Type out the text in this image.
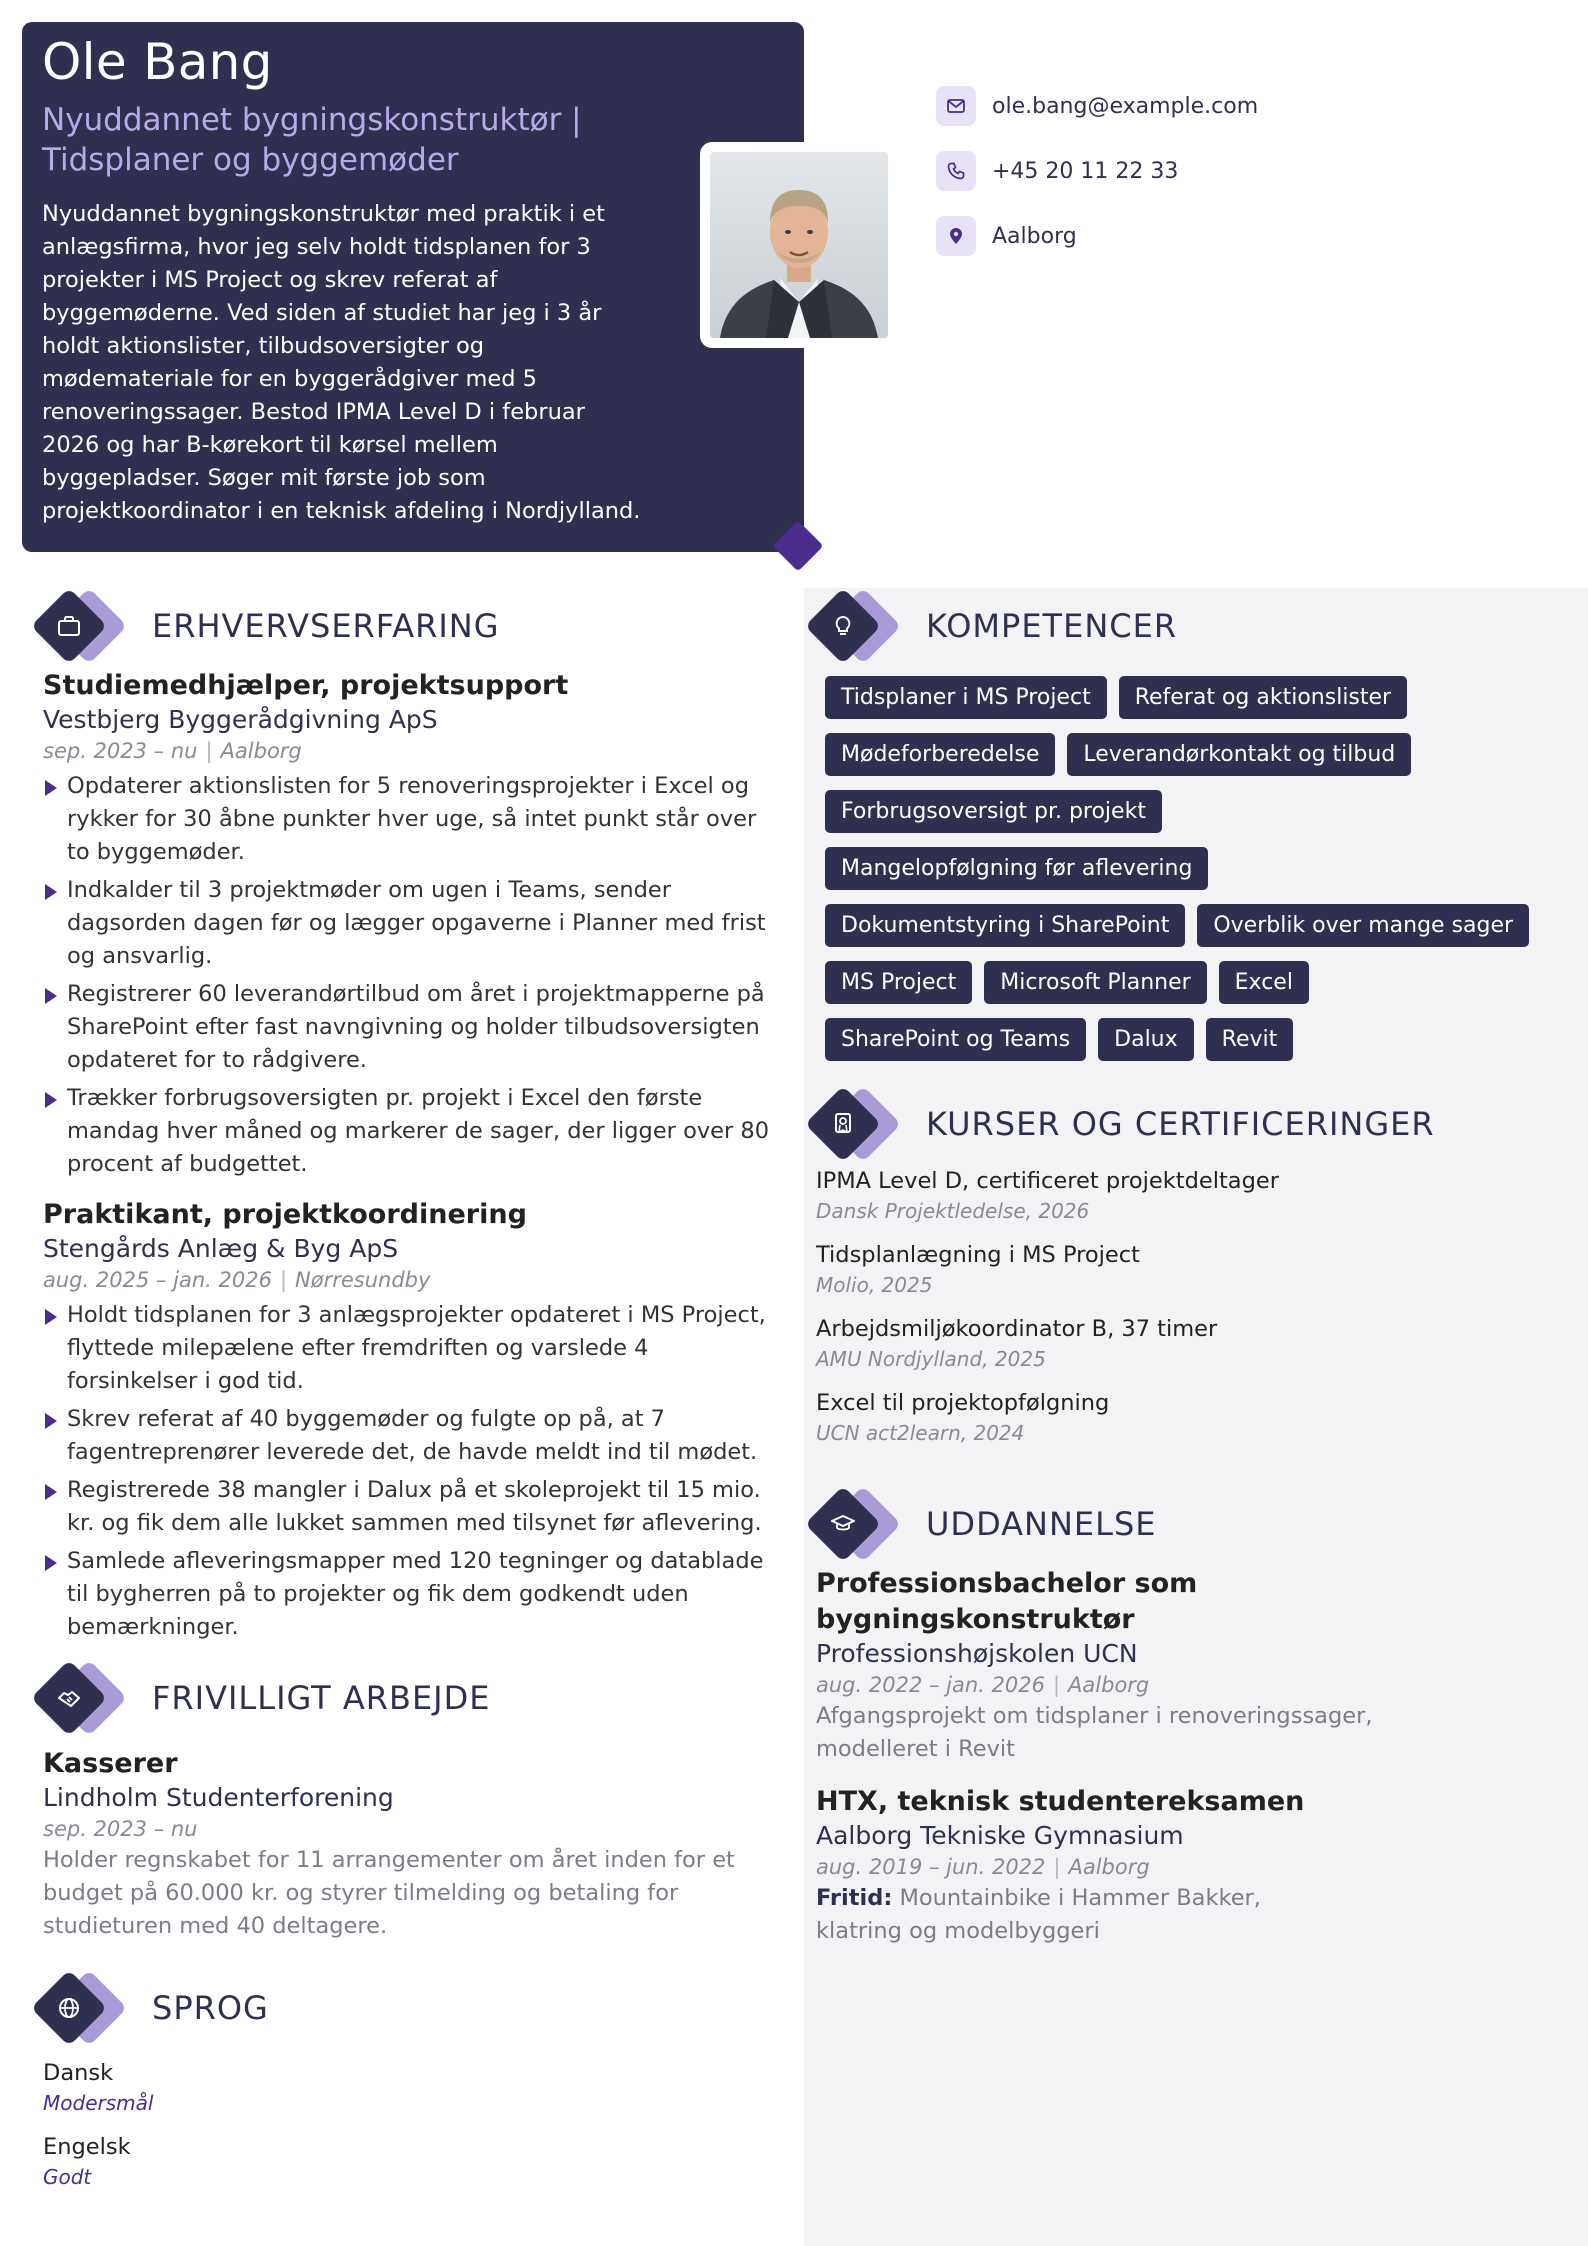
Ole Bang
Nyuddannet bygningskonstruktør | Tidsplaner og byggemøder
Nyuddannet bygningskonstruktør med praktik i et anlægsfirma, hvor jeg selv holdt tidsplanen for 3 projekter i MS Project og skrev referat af byggemøderne. Ved siden af studiet har jeg i 3 år holdt aktionslister, tilbudsoversigter og mødemateriale for en byggerådgiver med 5 renoveringssager. Bestod IPMA Level D i februar 2026 og har B-kørekort til kørsel mellem byggepladser. Søger mit første job som projektkoordinator i en teknisk afdeling i Nordjylland.
ole.bang@example.com
+45 20 11 22 33
Aalborg
ERHVERVSERFARING
Studiemedhjælper, projektsupport
Vestbjerg Byggerådgivning ApS
sep. 2023 – nu | Aalborg
Opdaterer aktionslisten for 5 renoveringsprojekter i Excel og rykker for 30 åbne punkter hver uge, så intet punkt står over to byggemøder.
Indkalder til 3 projektmøder om ugen i Teams, sender dagsorden dagen før og lægger opgaverne i Planner med frist og ansvarlig.
Registrerer 60 leverandørtilbud om året i projektmapperne på SharePoint efter fast navngivning og holder tilbudsoversigten opdateret for to rådgivere.
Trækker forbrugsoversigten pr. projekt i Excel den første mandag hver måned og markerer de sager, der ligger over 80 procent af budgettet.
Praktikant, projektkoordinering
Stengårds Anlæg & Byg ApS
aug. 2025 – jan. 2026 | Nørresundby
Holdt tidsplanen for 3 anlægsprojekter opdateret i MS Project, flyttede milepælene efter fremdriften og varslede 4 forsinkelser i god tid.
Skrev referat af 40 byggemøder og fulgte op på, at 7 fagentreprenører leverede det, de havde meldt ind til mødet.
Registrerede 38 mangler i Dalux på et skoleprojekt til 15 mio. kr. og fik dem alle lukket sammen med tilsynet før aflevering.
Samlede afleveringsmapper med 120 tegninger og datablade til bygherren på to projekter og fik dem godkendt uden bemærkninger.
FRIVILLIGT ARBEJDE
Kasserer
Lindholm Studenterforening
sep. 2023 – nu
Holder regnskabet for 11 arrangementer om året inden for et budget på 60.000 kr. og styrer tilmelding og betaling for studieturen med 40 deltagere.
SPROG
Dansk
Modersmål
Engelsk
Godt
KOMPETENCER
Tidsplaner i MS Project	Referat og aktionslister
Mødeforberedelse	Leverandørkontakt og tilbud
Forbrugsoversigt pr. projekt
Mangelopfølgning før aflevering
Dokumentstyring i SharePoint	Overblik over mange sager
MS Project	Microsoft Planner	Excel
SharePoint og Teams	Dalux	Revit
KURSER OG CERTIFICERINGER
IPMA Level D, certificeret projektdeltager
Dansk Projektledelse, 2026
Tidsplanlægning i MS Project
Molio, 2025
Arbejdsmiljøkoordinator B, 37 timer
AMU Nordjylland, 2025
Excel til projektopfølgning
UCN act2learn, 2024
UDDANNELSE
Professionsbachelor som bygningskonstruktør
Professionshøjskolen UCN
aug. 2022 – jan. 2026 | Aalborg
Afgangsprojekt om tidsplaner i renoveringssager, modelleret i Revit
HTX, teknisk studentereksamen
Aalborg Tekniske Gymnasium
aug. 2019 – jun. 2022 | Aalborg
Fritid: Mountainbike i Hammer Bakker, klatring og modelbyggeri
